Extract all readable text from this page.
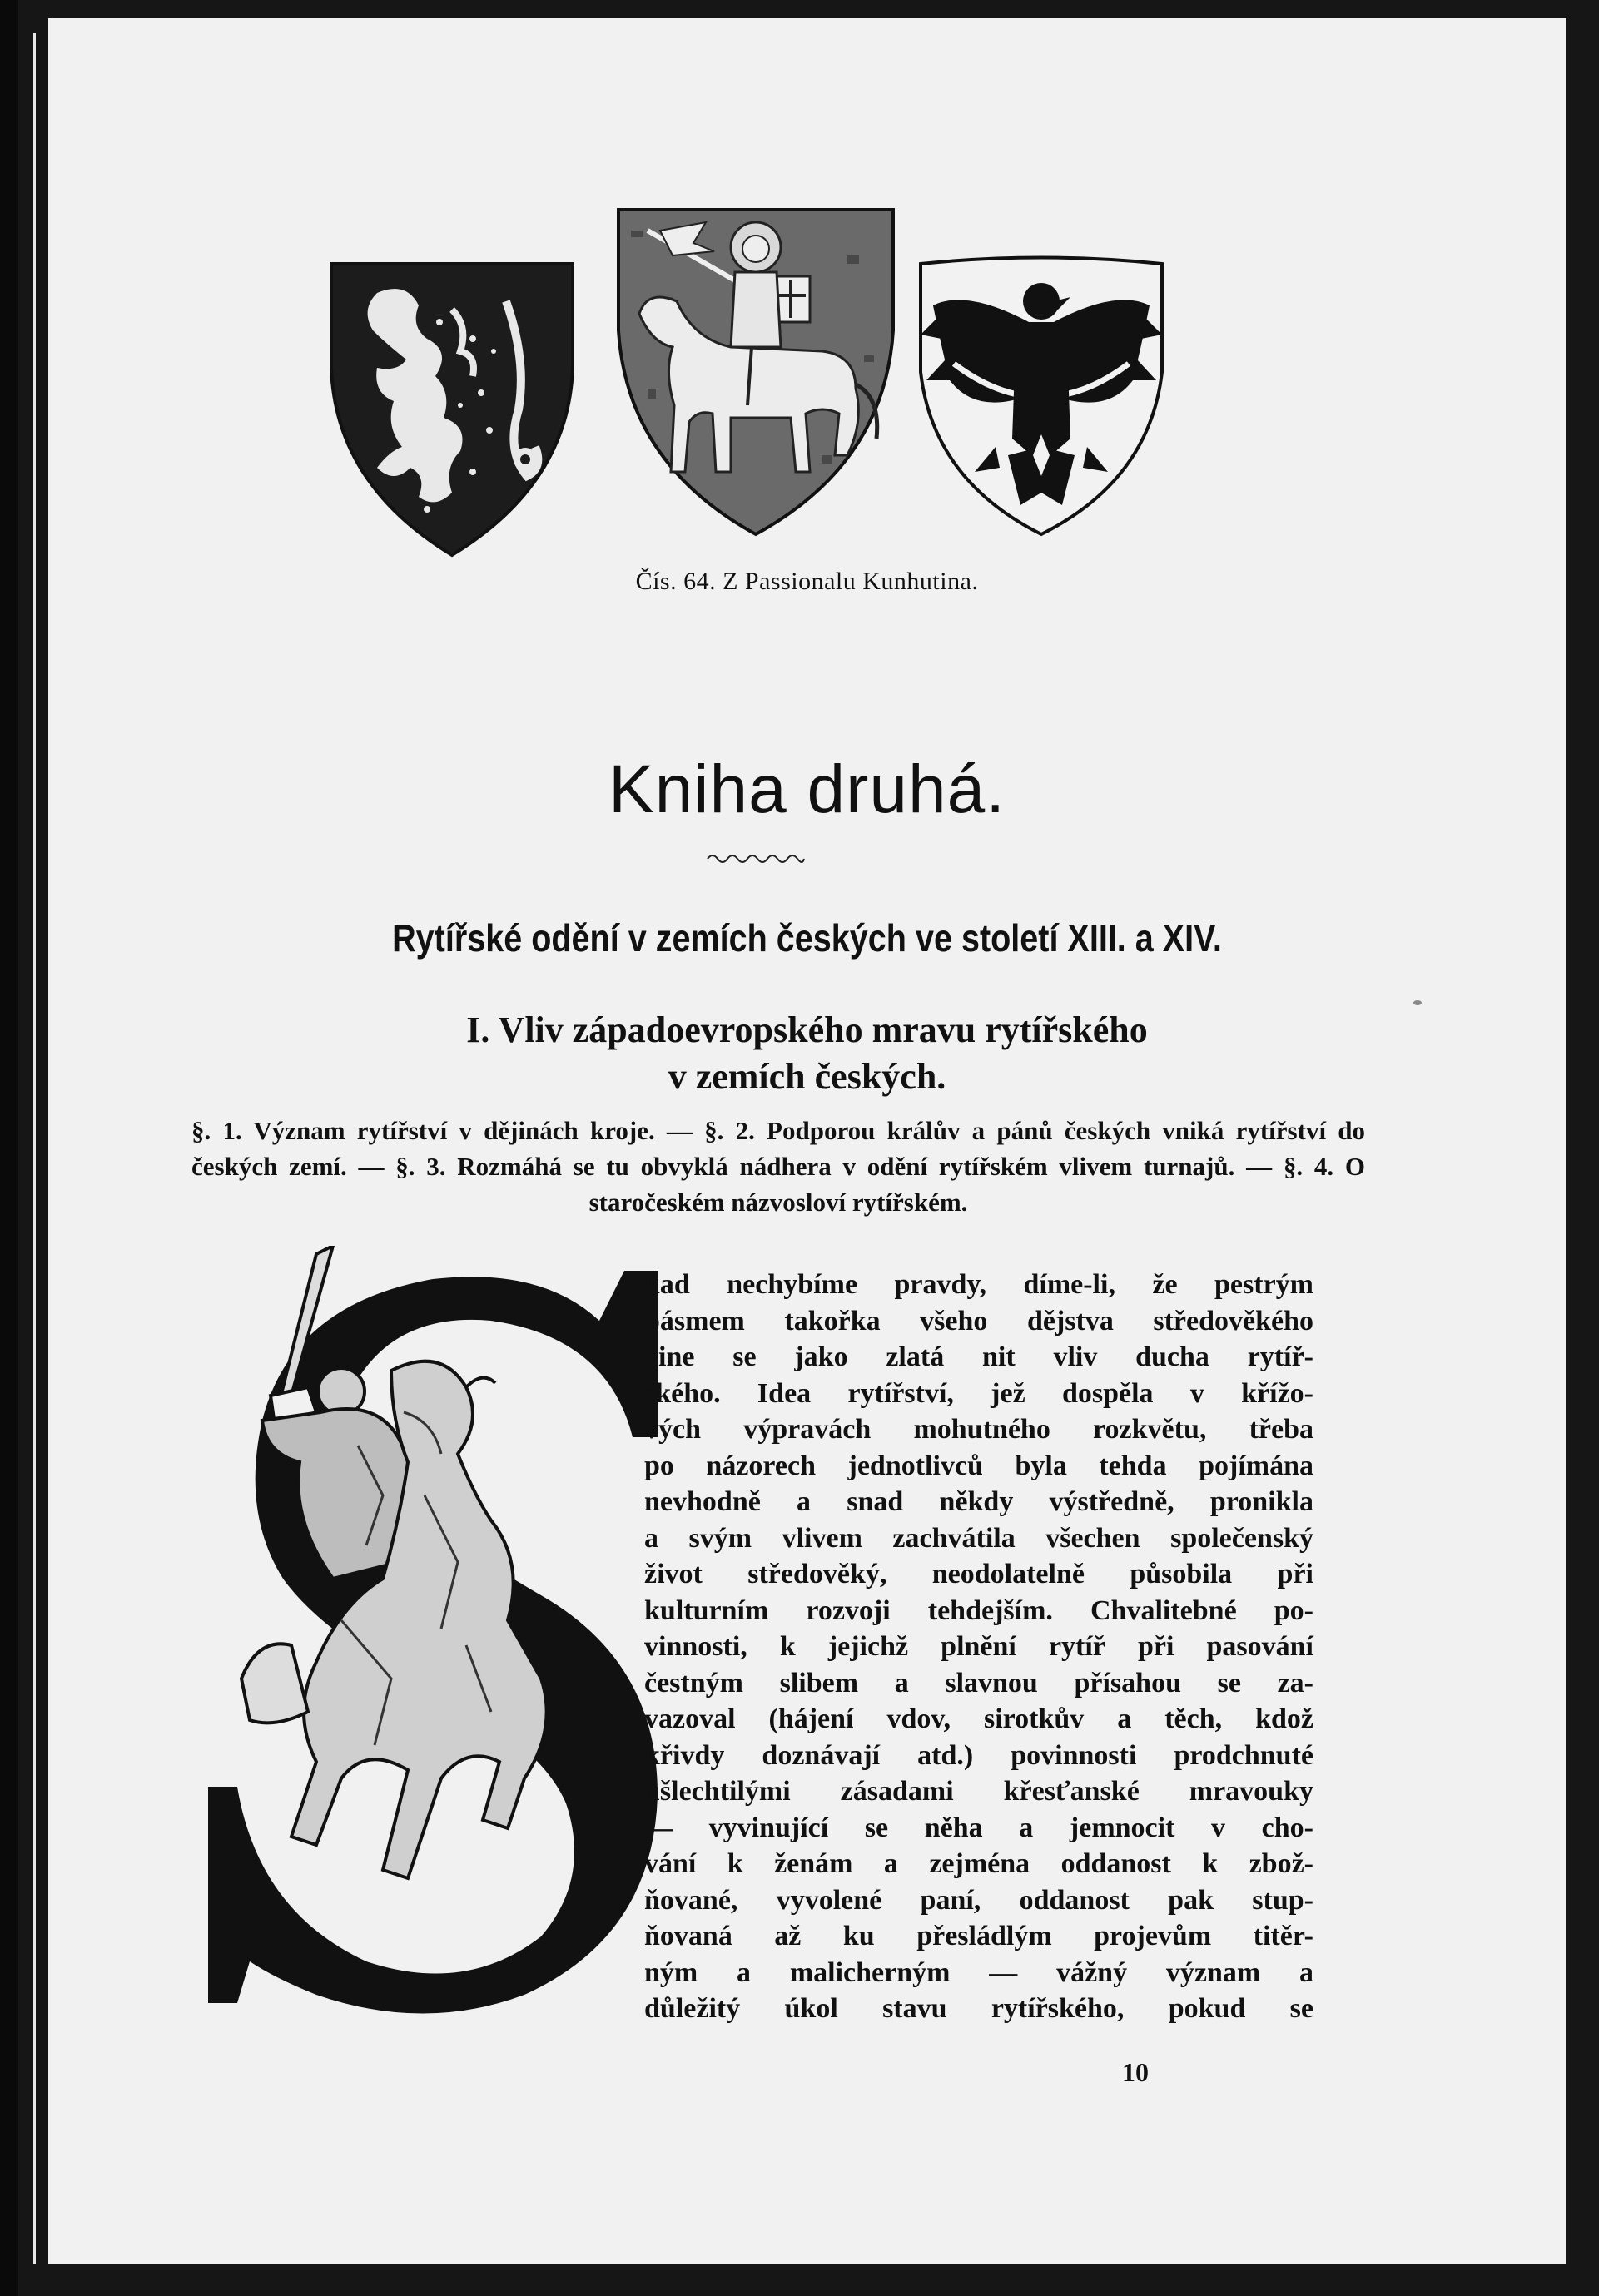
Čís. 64. Z Passionalu Kunhutina.
Kniha druhá.
Rytířské odění v zemích českých ve století XIII. a XIV.
I. Vliv západoevropského mravu rytířského
v zemích českých.
§. 1. Význam rytířství v dějinách kroje. — §. 2. Podporou králův a pánů českých vniká rytířství do českých zemí. — §. 3. Rozmáhá se tu obvyklá nádhera v odění rytířském vlivem turnajů. — §. 4. O staročeském názvosloví rytířském.
nad nechybíme pravdy, díme-li, že pestrým
pásmem takořka všeho dějstva středověkého
vine se jako zlatá nit vliv ducha rytíř-
ského. Idea rytířství, jež dospěla v křížo-
vých výpravách mohutného rozkvětu, třeba
po názorech jednotlivců byla tehda pojímána
nevhodně a snad někdy výstředně, pronikla
a svým vlivem zachvátila všechen společenský
život středověký, neodolatelně působila při
kulturním rozvoji tehdejším. Chvalitebné po-
vinnosti, k jejichž plnění rytíř při pasování
čestným slibem a slavnou přísahou se za-
vazoval (hájení vdov, sirotkův a těch, kdož
křivdy doznávají atd.) povinnosti prodchnuté
ušlechtilými zásadami křesťanské mravouky
— vyvinující se něha a jemnocit v cho-
vání k ženám a zejména oddanost k zbož-
ňované, vyvolené paní, oddanost pak stup-
ňovaná až ku přesládlým projevům titěr-
ným a malicherným — vážný význam a
důležitý úkol stavu rytířského, pokud se
10
